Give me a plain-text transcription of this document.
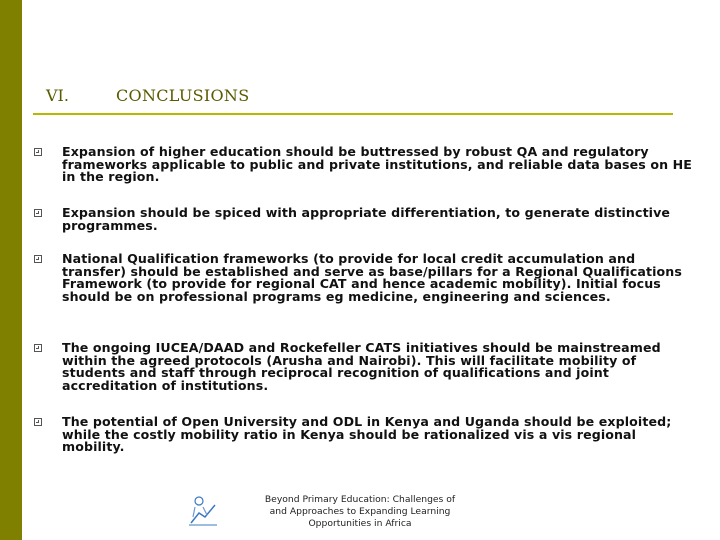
VI.	CONCLUSIONS
Expansion of higher education should be buttressed by robust QA and regulatory frameworks applicable to public and private institutions, and reliable data bases on HE in the region.
Expansion should be spiced with appropriate differentiation, to generate distinctive programmes.
National Qualification frameworks (to provide for local credit accumulation and transfer) should be established and serve as base/pillars for a Regional Qualifications Framework (to provide for regional CAT and hence academic mobility). Initial focus should be on professional programs eg medicine, engineering and sciences.
The ongoing IUCEA/DAAD and Rockefeller CATS initiatives should be mainstreamed within the agreed protocols (Arusha and Nairobi). This will facilitate mobility of students and staff through reciprocal recognition of qualifications and joint accreditation of institutions.
The potential of Open University and ODL in Kenya and Uganda should be exploited; while the costly mobility ratio in Kenya should be rationalized vis a vis regional mobility.
Beyond Primary Education: Challenges of
and Approaches to Expanding Learning
Opportunities in Africa
